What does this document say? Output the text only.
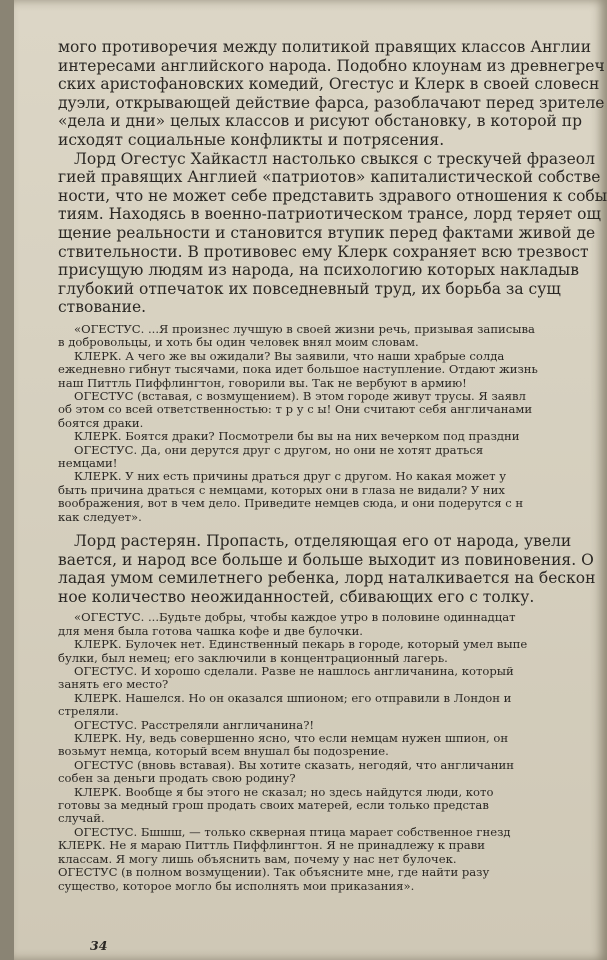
мого противоречия между политикой правящих классов Англии
интересами английского народа. Подобно клоунам из древнегреч
ских аристофановских комедий, Огестус и Клерк в своей словесн
дуэли, открывающей действие фарса, разоблачают перед зрителе
«дела и дни» целых классов и рисуют обстановку, в которой пр
исходят социальные конфликты и потрясения.
Лорд Огестус Хайкастл настолько свыкся с трескучей фразеол
гией правящих Англией «патриотов» капиталистической собстве
ности, что не может себе представить здравого отношения к собы
тиям. Находясь в военно-патриотическом трансе, лорд теряет ощ
щение реальности и становится втупик перед фактами живой де
ствительности. В противовес ему Клерк сохраняет всю трезвост
присущую людям из народа, на психологию которых накладыв
глубокий отпечаток их повседневный труд, их борьба за сущ
ствование.
«ОГЕСТУС. ...Я произнес лучшую в своей жизни речь, призывая записыва
в добровольцы, и хоть бы один человек внял моим словам.
КЛЕРК. А чего же вы ожидали? Вы заявили, что наши храбрые солда
ежедневно гибнут тысячами, пока идет большое наступление. Отдают жизнь
наш Питтль Пиффлингтон, говорили вы. Так не вербуют в армию!
ОГЕСТУС (вставая, с возмущением). В этом городе живут трусы. Я заявл
об этом со всей ответственностью: т р у с ы! Они считают себя англичанами
боятся драки.
КЛЕРК. Боятся драки? Посмотрели бы вы на них вечерком под праздни
ОГЕСТУС. Да, они дерутся друг с другом, но они не хотят драться
немцами!
КЛЕРК. У них есть причины драться друг с другом. Но какая может у
быть причина драться с немцами, которых они в глаза не видали? У них
воображения, вот в чем дело. Приведите немцев сюда, и они подерутся с н
как следует».
Лорд растерян. Пропасть, отделяющая его от народа, увели
вается, и народ все больше и больше выходит из повиновения. О
ладая умом семилетнего ребенка, лорд наталкивается на бескон
ное количество неожиданностей, сбивающих его с толку.
«ОГЕСТУС. ...Будьте добры, чтобы каждое утро в половине одиннадцат
для меня была готова чашка кофе и две булочки.
КЛЕРК. Булочек нет. Единственный пекарь в городе, который умел выпе
булки, был немец; его заключили в концентрационный лагерь.
ОГЕСТУС. И хорошо сделали. Разве не нашлось англичанина, который
занять его место?
КЛЕРК. Нашелся. Но он оказался шпионом; его отправили в Лондон и
стреляли.
ОГЕСТУС. Расстреляли англичанина?!
КЛЕРК. Ну, ведь совершенно ясно, что если немцам нужен шпион, он
возьмут немца, который всем внушал бы подозрение.
ОГЕСТУС (вновь вставая). Вы хотите сказать, негодяй, что англичанин
собен за деньги продать свою родину?
КЛЕРК. Вообще я бы этого не сказал; но здесь найдутся люди, кото
готовы за медный грош продать своих матерей, если только представ
случай.
ОГЕСТУС. Бшшш, — только скверная птица марает собственное гнезд
КЛЕРК. Не я мараю Питтль Пиффлингтон. Я не принадлежу к прави
классам. Я могу лишь объяснить вам, почему у нас нет булочек.
ОГЕСТУС (в полном возмущении). Так объясните мне, где найти разу
существо, которое могло бы исполнять мои приказания».
34
